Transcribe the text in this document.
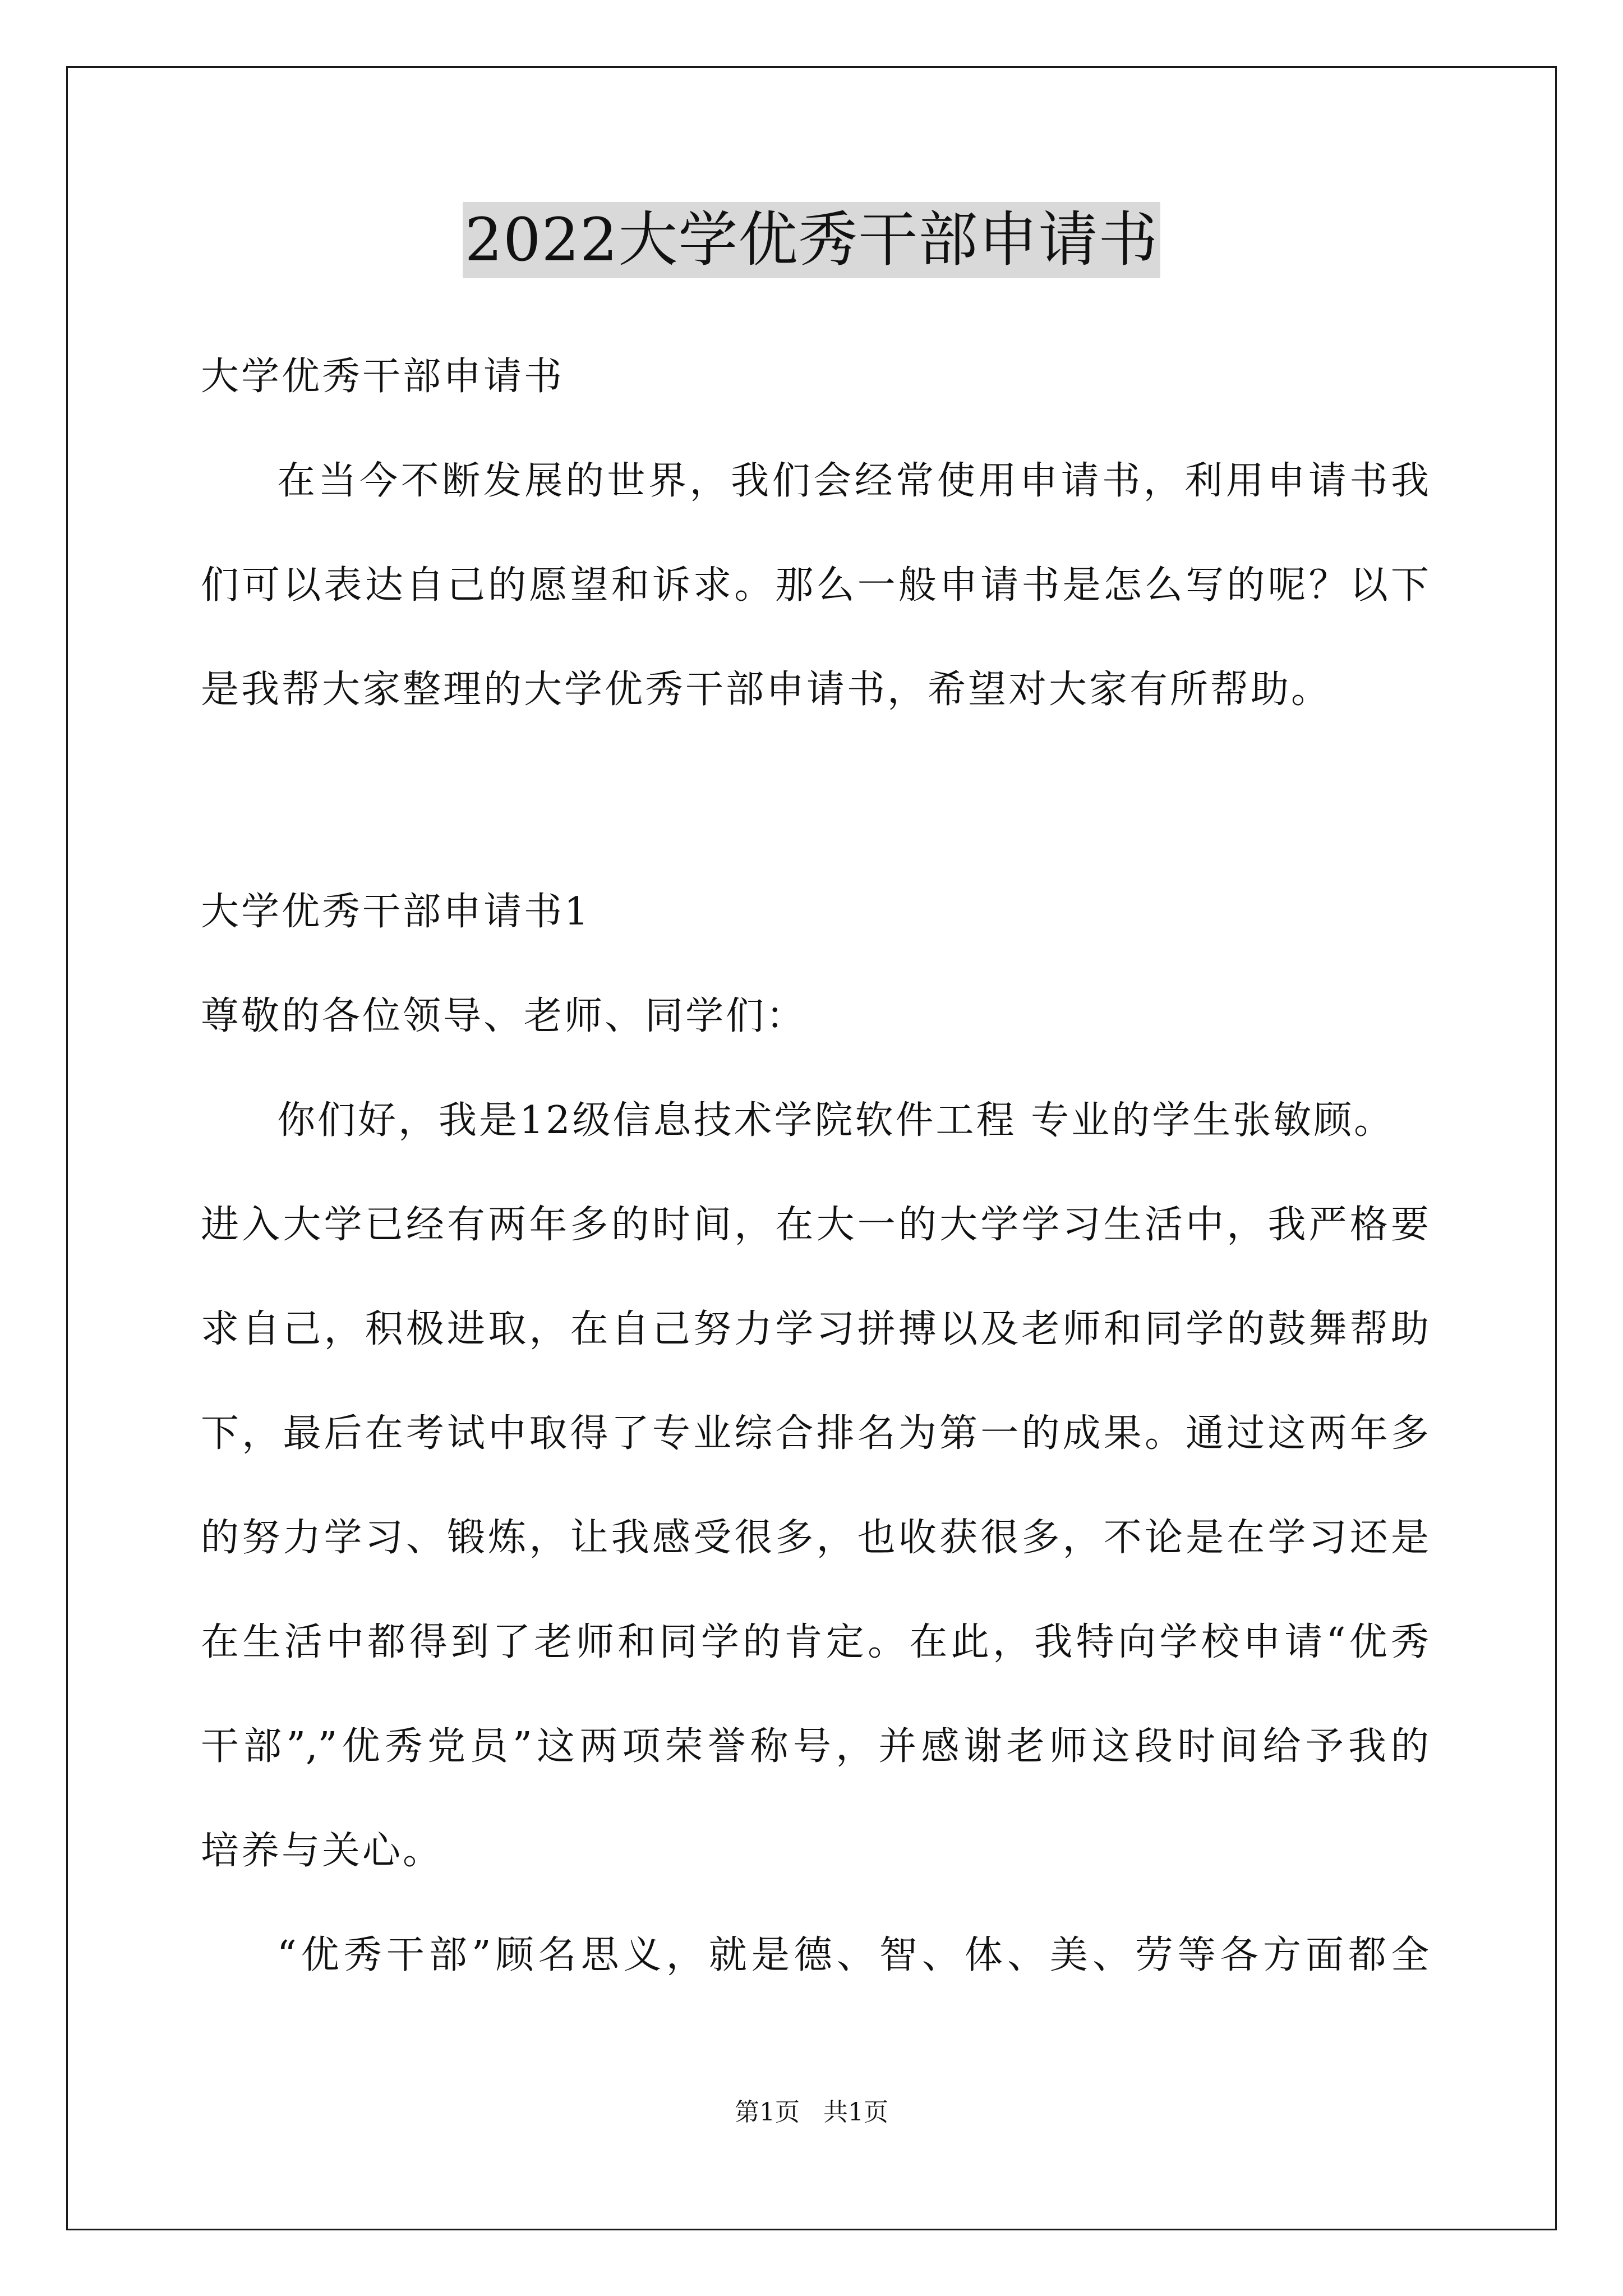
2022大学优秀干部申请书
大学优秀干部申请书
在当今不断发展的世界，我们会经常使用申请书，利用申请书我
们可以表达自己的愿望和诉求。那么一般申请书是怎么写的呢？以下
是我帮大家整理的大学优秀干部申请书，希望对大家有所帮助。
大学优秀干部申请书1
尊敬的各位领导、老师、同学们：
你们好，我是12级信息技术学院软件工程 专业的学生张敏顾。
进入大学已经有两年多的时间，在大一的大学学习生活中，我严格要
求自己，积极进取，在自己努力学习拼搏以及老师和同学的鼓舞帮助
下，最后在考试中取得了专业综合排名为第一的成果。通过这两年多
的努力学习、锻炼，让我感受很多，也收获很多，不论是在学习还是
在生活中都得到了老师和同学的肯定。在此，我特向学校申请“优秀
干部”,”优秀党员”这两项荣誉称号，并感谢老师这段时间给予我的
培养与关心。
“优秀干部”顾名思义，就是德、智、体、美、劳等各方面都全
第1页   共1页
